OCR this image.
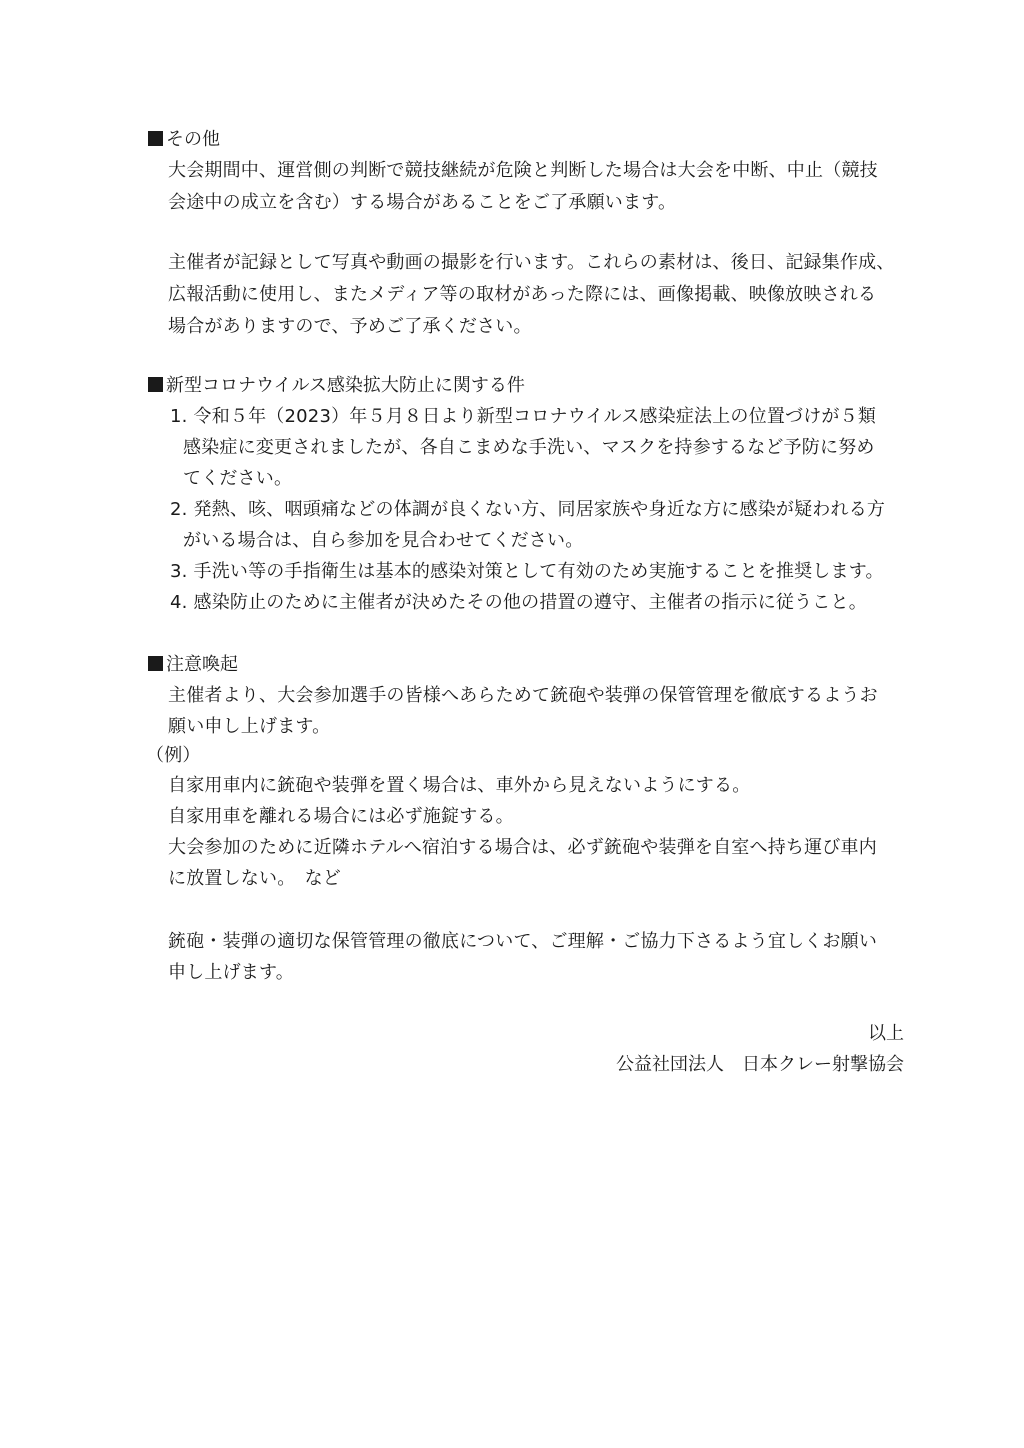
その他
大会期間中、運営側の判断で競技継続が危険と判断した場合は大会を中断、中止（競技
会途中の成立を含む）する場合があることをご了承願います。
主催者が記録として写真や動画の撮影を行います。これらの素材は、後日、記録集作成、
広報活動に使用し、またメディア等の取材があった際には、画像掲載、映像放映される
場合がありますので、予めご了承ください。
新型コロナウイルス感染拡大防止に関する件
1. 令和５年（2023）年５月８日より新型コロナウイルス感染症法上の位置づけが５類
感染症に変更されましたが、各自こまめな手洗い、マスクを持参するなど予防に努め
てください。
2. 発熱、咳、咽頭痛などの体調が良くない方、同居家族や身近な方に感染が疑われる方
がいる場合は、自ら参加を見合わせてください。
3. 手洗い等の手指衛生は基本的感染対策として有効のため実施することを推奨します。
4. 感染防止のために主催者が決めたその他の措置の遵守、主催者の指示に従うこと。
注意喚起
主催者より、大会参加選手の皆様へあらためて銃砲や装弾の保管管理を徹底するようお
願い申し上げます。
（例）
自家用車内に銃砲や装弾を置く場合は、車外から見えないようにする。
自家用車を離れる場合には必ず施錠する。
大会参加のために近隣ホテルへ宿泊する場合は、必ず銃砲や装弾を自室へ持ち運び車内
に放置しない。　など
銃砲・装弾の適切な保管管理の徹底について、ご理解・ご協力下さるよう宜しくお願い
申し上げます。
以上
公益社団法人　日本クレー射撃協会
